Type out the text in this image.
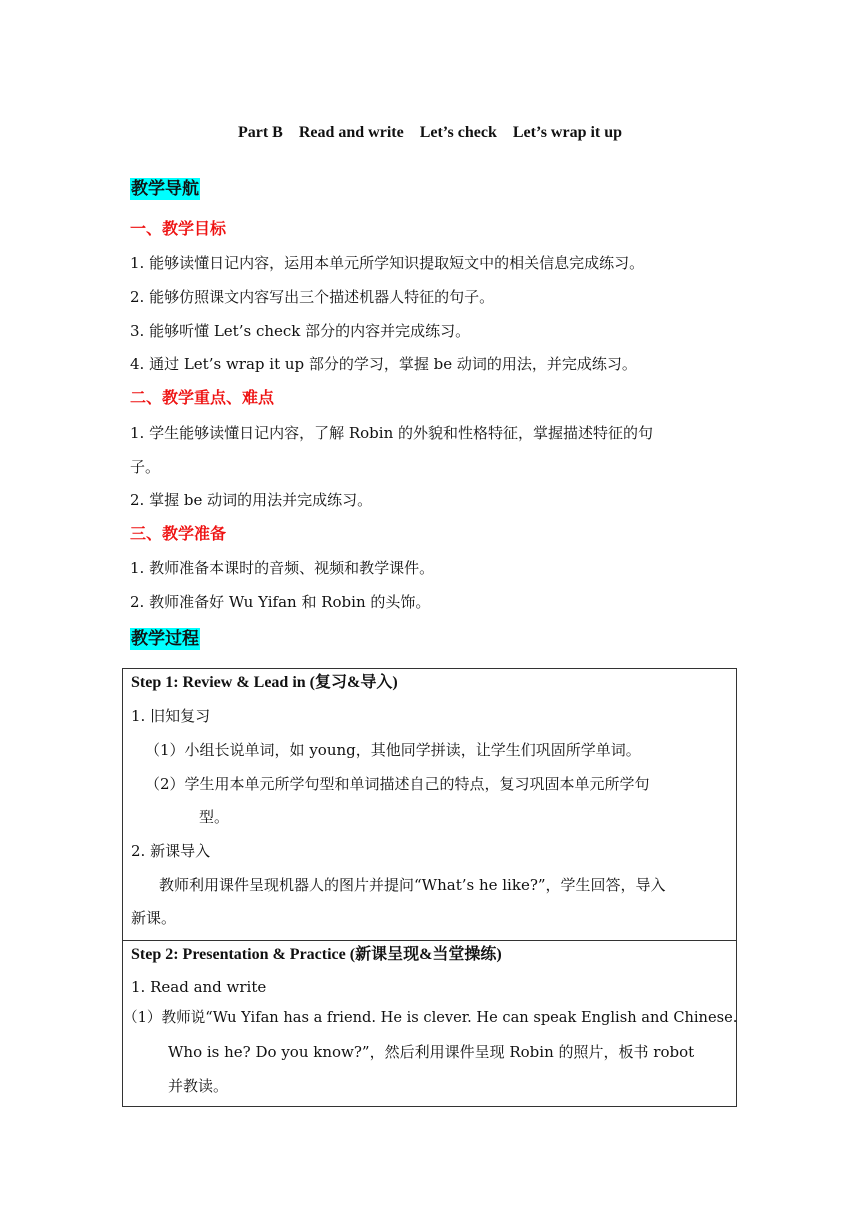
Part B    Read and write    Let’s check    Let’s wrap it up
教学导航
一、教学目标
1. 能够读懂日记内容，运用本单元所学知识提取短文中的相关信息完成练习。
2. 能够仿照课文内容写出三个描述机器人特征的句子。
3. 能够听懂 Let’s check 部分的内容并完成练习。
4. 通过 Let’s wrap it up 部分的学习，掌握 be 动词的用法，并完成练习。
二、教学重点、难点
1. 学生能够读懂日记内容，了解 Robin 的外貌和性格特征，掌握描述特征的句
子。
2. 掌握 be 动词的用法并完成练习。
三、教学准备
1. 教师准备本课时的音频、视频和教学课件。
2. 教师准备好 Wu Yifan 和 Robin 的头饰。
教学过程
Step 1: Review & Lead in (复习&导入)
1. 旧知复习
（1）小组长说单词，如 young，其他同学拼读，让学生们巩固所学单词。
（2）学生用本单元所学句型和单词描述自己的特点，复习巩固本单元所学句
型。
2. 新课导入
教师利用课件呈现机器人的图片并提问“What’s he like?”，学生回答，导入
新课。
Step 2: Presentation & Practice (新课呈现&当堂操练)
1. Read and write
（1）教师说“Wu Yifan has a friend. He is clever. He can speak English and Chinese.
Who is he? Do you know?”，然后利用课件呈现 Robin 的照片，板书 robot
并教读。
